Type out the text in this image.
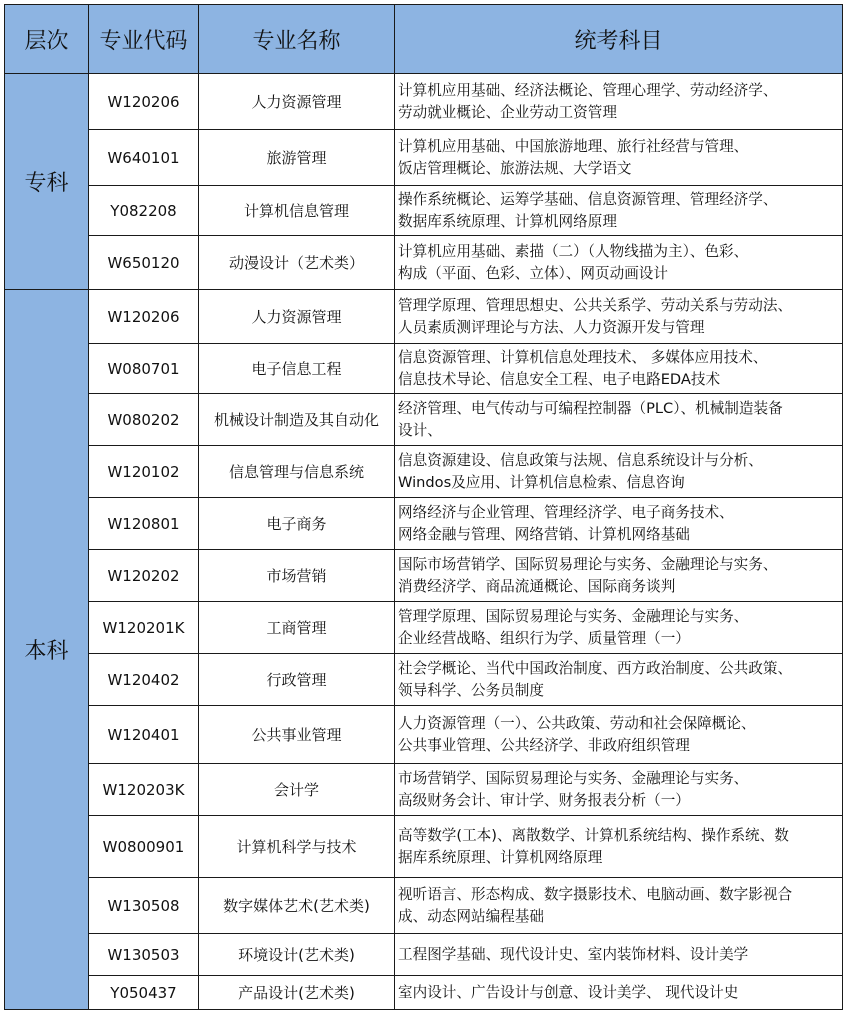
层次	专业代码	专业名称	统考科目
专科	W120206	人力资源管理	计算机应用基础、经济法概论、管理心理学、劳动经济学、
劳动就业概论、企业劳动工资管理
	W640101	旅游管理	计算机应用基础、中国旅游地理、旅行社经营与管理、
饭店管理概论、旅游法规、大学语文
	Y082208	计算机信息管理	操作系统概论、运筹学基础、信息资源管理、管理经济学、
数据库系统原理、计算机网络原理
	W650120	动漫设计（艺术类）	计算机应用基础、素描（二）（人物线描为主）、色彩、
构成（平面、色彩、立体）、网页动画设计
本科	W120206	人力资源管理	管理学原理、管理思想史、公共关系学、劳动关系与劳动法、
人员素质测评理论与方法、人力资源开发与管理
	W080701	电子信息工程	信息资源管理、计算机信息处理技术、 多媒体应用技术、
信息技术导论、信息安全工程、电子电路EDA技术
	W080202	机械设计制造及其自动化	经济管理、电气传动与可编程控制器（PLC）、机械制造装备
设计、
	W120102	信息管理与信息系统	信息资源建设、信息政策与法规、信息系统设计与分析、
Windos及应用、计算机信息检索、信息咨询
	W120801	电子商务	网络经济与企业管理、管理经济学、电子商务技术、
网络金融与管理、网络营销、计算机网络基础
	W120202	市场营销	国际市场营销学、国际贸易理论与实务、金融理论与实务、
消费经济学、商品流通概论、国际商务谈判
	W120201K	工商管理	管理学原理、国际贸易理论与实务、金融理论与实务、
企业经营战略、组织行为学、质量管理（一）
	W120402	行政管理	社会学概论、当代中国政治制度、西方政治制度、公共政策、
领导科学、公务员制度
	W120401	公共事业管理	人力资源管理（一）、公共政策、劳动和社会保障概论、
公共事业管理、公共经济学、非政府组织管理
	W120203K	会计学	市场营销学、国际贸易理论与实务、金融理论与实务、
高级财务会计、审计学、财务报表分析（一）
	W0800901	计算机科学与技术	高等数学(工本)、离散数学、计算机系统结构、操作系统、数
据库系统原理、计算机网络原理
	W130508	数字媒体艺术(艺术类)	视听语言、形态构成、数字摄影技术、电脑动画、数字影视合
成、动态网站编程基础
	W130503	环境设计(艺术类)	工程图学基础、现代设计史、室内装饰材料、设计美学
	Y050437	产品设计(艺术类)	室内设计、广告设计与创意、设计美学、 现代设计史
